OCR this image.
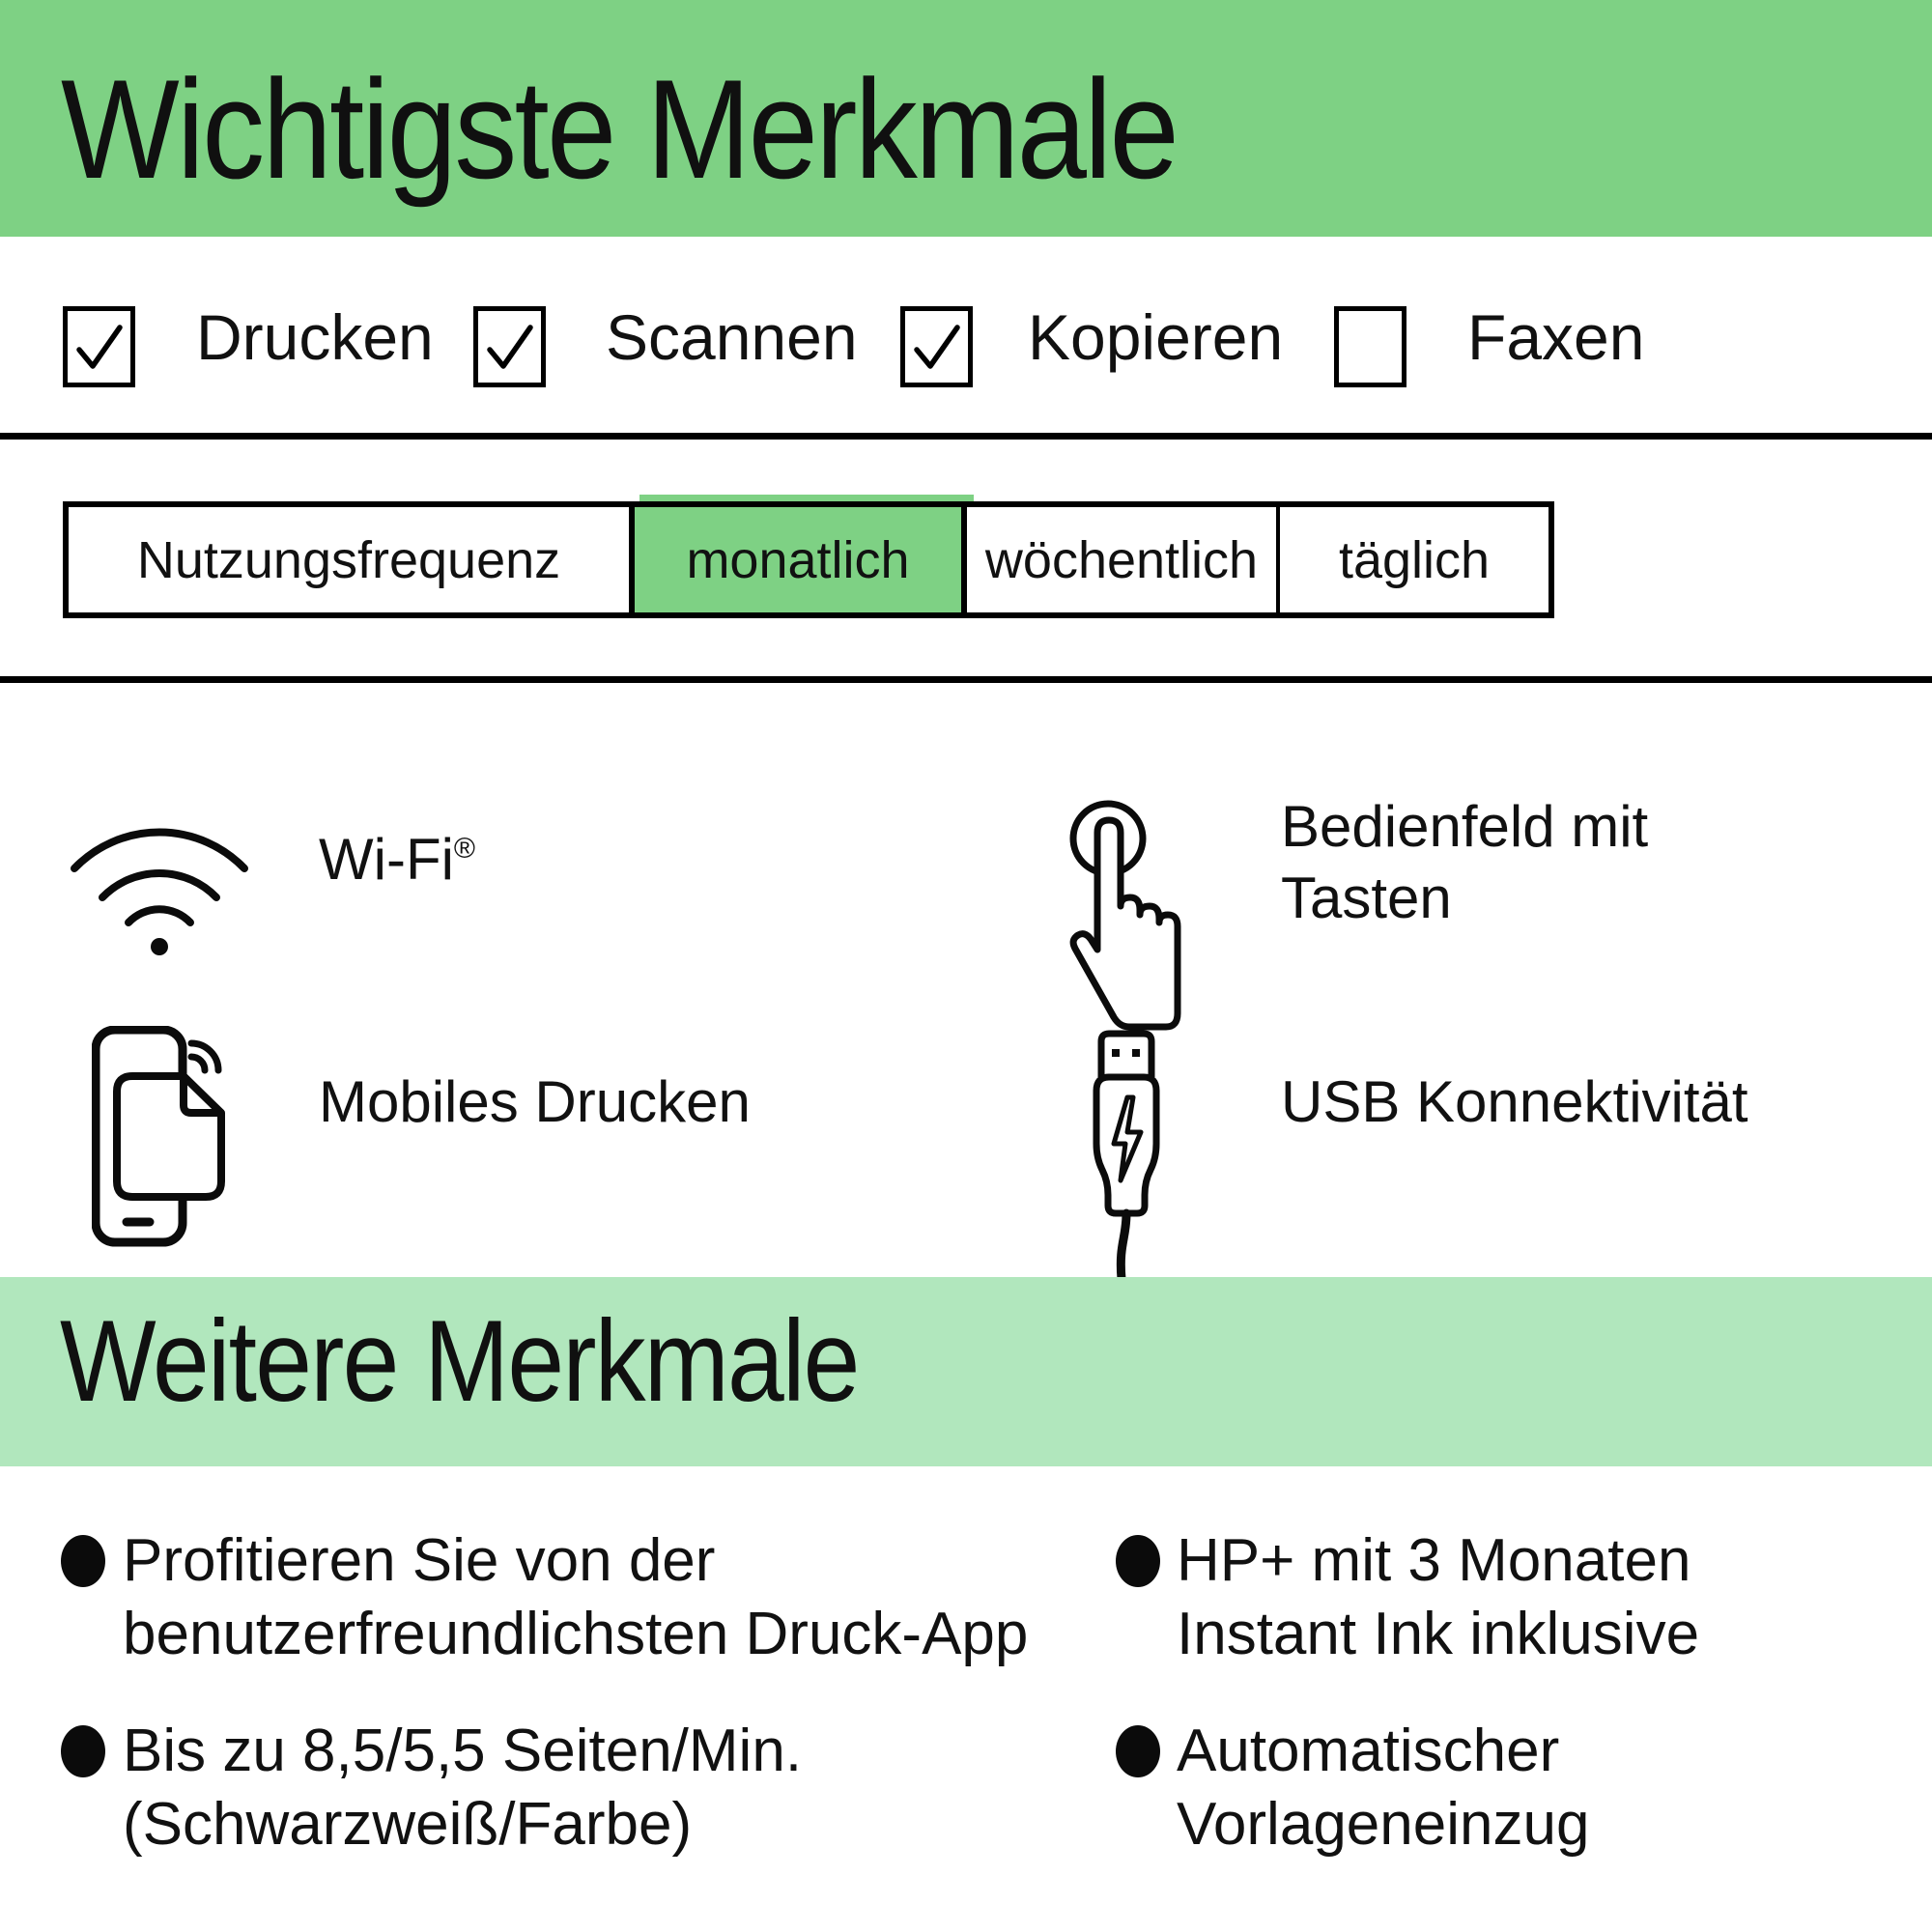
Wichtigste Merkmale
Drucken	Scannen	Kopieren	Faxen
Nutzungsfrequenz	monatlich	wöchentlich	täglich
Wi-Fi®	Bedienfeld mit
Tasten
Mobiles Drucken	USB Konnektivität
Weitere Merkmale
Profitieren Sie von der
benutzerfreundlichsten Druck-App
Bis zu 8,5/5,5 Seiten/Min.
(Schwarzweiß/Farbe)
HP+ mit 3 Monaten
Instant Ink inklusive
Automatischer
Vorlageneinzug
